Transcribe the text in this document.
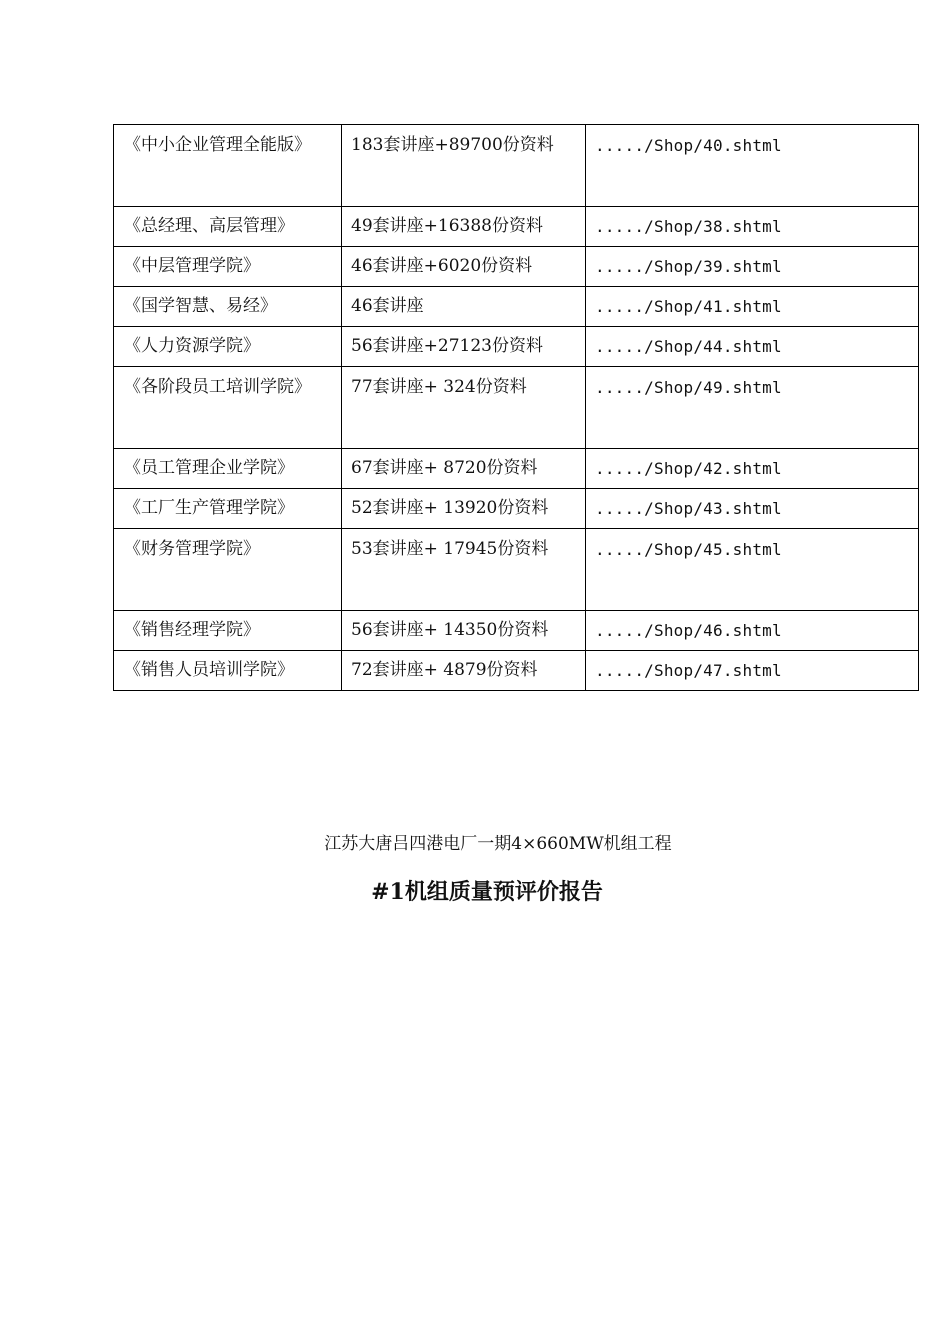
《中小企业管理全能版》	183套讲座+89700份资料	...../Shop/40.shtml
《总经理、高层管理》	49套讲座+16388份资料	...../Shop/38.shtml
《中层管理学院》	46套讲座+6020份资料	...../Shop/39.shtml
《国学智慧、易经》	46套讲座	...../Shop/41.shtml
《人力资源学院》	56套讲座+27123份资料	...../Shop/44.shtml
《各阶段员工培训学院》	77套讲座+ 324份资料	...../Shop/49.shtml
《员工管理企业学院》	67套讲座+ 8720份资料	...../Shop/42.shtml
《工厂生产管理学院》	52套讲座+ 13920份资料	...../Shop/43.shtml
《财务管理学院》	53套讲座+ 17945份资料	...../Shop/45.shtml
《销售经理学院》	56套讲座+ 14350份资料	...../Shop/46.shtml
《销售人员培训学院》	72套讲座+ 4879份资料	...../Shop/47.shtml
江苏大唐吕四港电厂一期4×660MW机组工程
#1机组质量预评价报告
